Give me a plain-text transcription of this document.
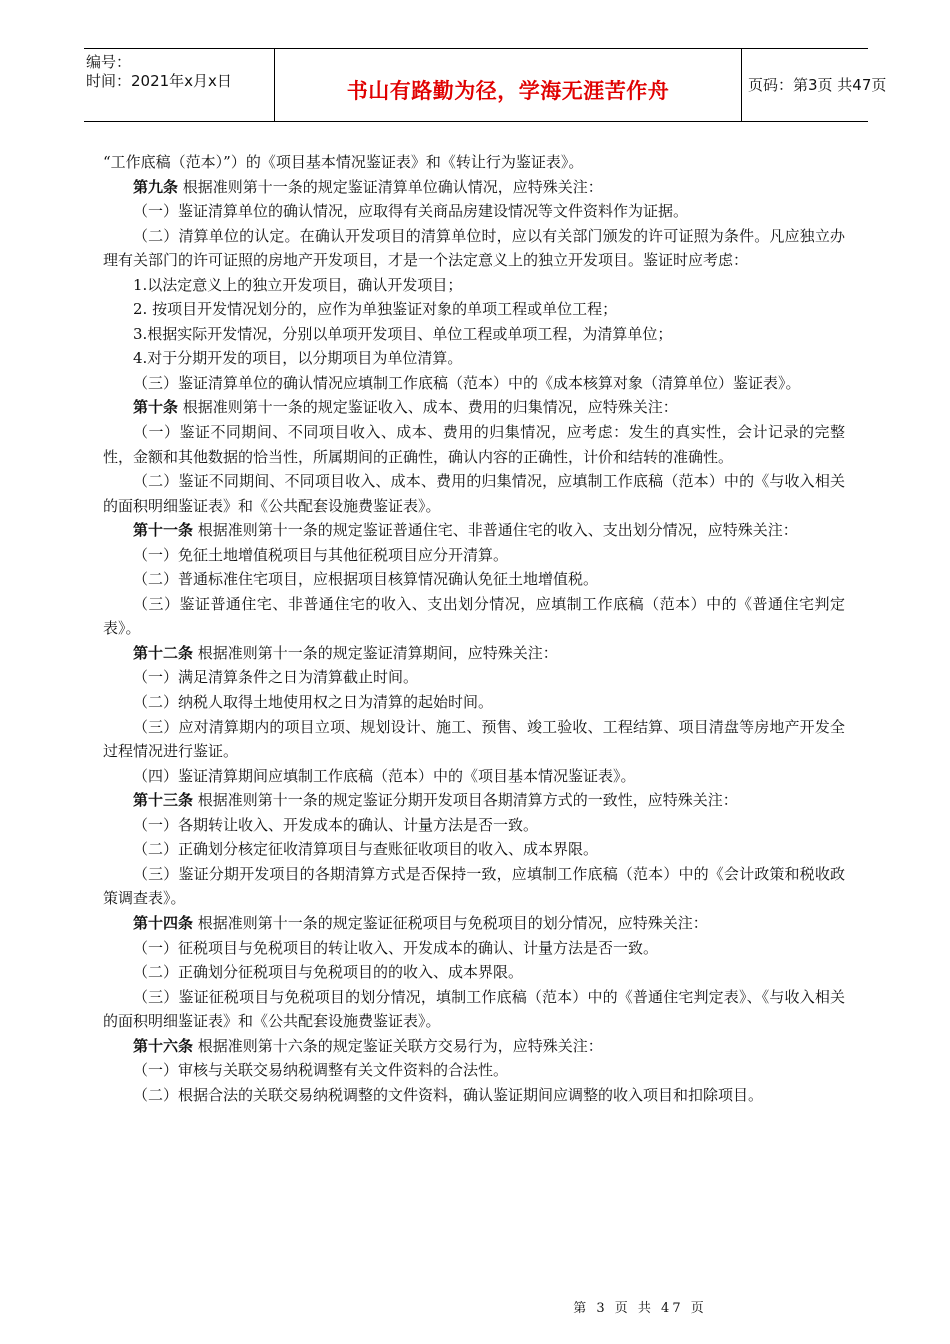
编号：
时间：2021年x月x日	书山有路勤为径，学海无涯苦作舟	页码：第3页 共47页

“工作底稿（范本）”）的《项目基本情况鉴证表》和《转让行为鉴证表》。

第九条 根据准则第十一条的规定鉴证清算单位确认情况，应特殊关注：

（一）鉴证清算单位的确认情况，应取得有关商品房建设情况等文件资料作为证据。

（二）清算单位的认定。在确认开发项目的清算单位时，应以有关部门颁发的许可证照为条件。凡应独立办理有关部门的许可证照的房地产开发项目，才是一个法定意义上的独立开发项目。鉴证时应考虑：

1.以法定意义上的独立开发项目，确认开发项目；

2. 按项目开发情况划分的，应作为单独鉴证对象的单项工程或单位工程；

3.根据实际开发情况，分别以单项开发项目、单位工程或单项工程，为清算单位；

4.对于分期开发的项目，以分期项目为单位清算。

（三）鉴证清算单位的确认情况应填制工作底稿（范本）中的《成本核算对象（清算单位）鉴证表》。

第十条 根据准则第十一条的规定鉴证收入、成本、费用的归集情况，应特殊关注：

（一）鉴证不同期间、不同项目收入、成本、费用的归集情况，应考虑：发生的真实性，会计记录的完整性，金额和其他数据的恰当性，所属期间的正确性，确认内容的正确性，计价和结转的准确性。

（二）鉴证不同期间、不同项目收入、成本、费用的归集情况，应填制工作底稿（范本）中的《与收入相关的面积明细鉴证表》和《公共配套设施费鉴证表》。

第十一条 根据准则第十一条的规定鉴证普通住宅、非普通住宅的收入、支出划分情况，应特殊关注：

（一）免征土地增值税项目与其他征税项目应分开清算。

（二）普通标准住宅项目，应根据项目核算情况确认免征土地增值税。

（三）鉴证普通住宅、非普通住宅的收入、支出划分情况，应填制工作底稿（范本）中的《普通住宅判定表》。

第十二条 根据准则第十一条的规定鉴证清算期间，应特殊关注：

（一）满足清算条件之日为清算截止时间。

（二）纳税人取得土地使用权之日为清算的起始时间。

（三）应对清算期内的项目立项、规划设计、施工、预售、竣工验收、工程结算、项目清盘等房地产开发全过程情况进行鉴证。

（四）鉴证清算期间应填制工作底稿（范本）中的《项目基本情况鉴证表》。

第十三条 根据准则第十一条的规定鉴证分期开发项目各期清算方式的一致性，应特殊关注：

（一）各期转让收入、开发成本的确认、计量方法是否一致。

（二）正确划分核定征收清算项目与查账征收项目的收入、成本界限。

（三）鉴证分期开发项目的各期清算方式是否保持一致，应填制工作底稿（范本）中的《会计政策和税收政策调查表》。

第十四条 根据准则第十一条的规定鉴证征税项目与免税项目的划分情况，应特殊关注：

（一）征税项目与免税项目的转让收入、开发成本的确认、计量方法是否一致。

（二）正确划分征税项目与免税项目的的收入、成本界限。

（三）鉴证征税项目与免税项目的划分情况，填制工作底稿（范本）中的《普通住宅判定表》、《与收入相关的面积明细鉴证表》和《公共配套设施费鉴证表》。

第十六条 根据准则第十六条的规定鉴证关联方交易行为，应特殊关注：

（一）审核与关联交易纳税调整有关文件资料的合法性。

（二）根据合法的关联交易纳税调整的文件资料，确认鉴证期间应调整的收入项目和扣除项目。

第 3 页 共 47 页
